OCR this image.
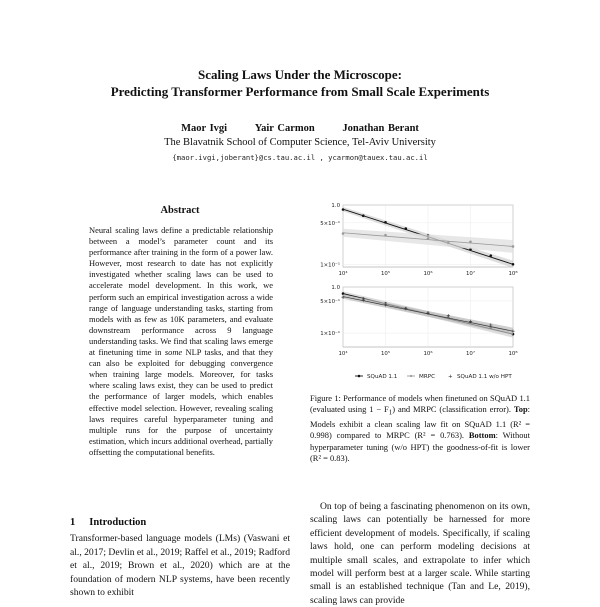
Scaling Laws Under the Microscope:
Predicting Transformer Performance from Small Scale Experiments
Maor Ivgi	Yair Carmon	Jonathan Berant
The Blavatnik School of Computer Science, Tel-Aviv University
{maor.ivgi,joberant}@cs.tau.ac.il , ycarmon@tauex.tau.ac.il
Abstract

Neural scaling laws define a predictable relationship between a model’s parameter count and its performance after training in the form of a power law. However, most research to date has not explicitly investigated whether scaling laws can be used to accelerate model development. In this work, we perform such an empirical investigation across a wide range of language understanding tasks, starting from models with as few as 10K parameters, and evaluate downstream performance across 9 language understanding tasks. We find that scaling laws emerge at finetuning time in some NLP tasks, and that they can also be exploited for debugging convergence when training large models. Moreover, for tasks where scaling laws exist, they can be used to predict the performance of larger models, which enables effective model selection. However, revealing scaling laws requires careful hyperparameter tuning and multiple runs for the purpose of uncertainty estimation, which incurs additional overhead, partially offsetting the computational benefits.

1 Introduction

Transformer-based language models (LMs) (Vaswani et al., 2017; Devlin et al., 2019; Raffel et al., 2019; Radford et al., 2019; Brown et al., 2020) which are at the foundation of modern NLP systems, have been recently shown to exhibit

1.0
5×10⁻¹
1×10⁻¹
10⁴	10⁵	10⁶	10⁷	10⁸
1.0
5×10⁻¹
1×10⁻¹
10⁴	10⁵	10⁶	10⁷	10⁸
SQuAD 1.1	MRPC + SQuAD 1.1 w/o HPT

Figure 1: Performance of models when finetuned on SQuAD 1.1 (evaluated using $1 - F_1$) and MRPC (classification error). Top: Models exhibit a clean scaling law fit on SQuAD 1.1 (R² = 0.998) compared to MRPC (R² = 0.763). Bottom: Without hyperparameter tuning (w/o HPT) the goodness-of-fit is lower (R² = 0.83).

On top of being a fascinating phenomenon on its own, scaling laws can potentially be harnessed for more efficient development of models. Specifically, if scaling laws hold, one can perform modeling decisions at multiple small scales, and extrapolate to infer which model will perform best at a larger scale. While starting small is an established technique (Tan and Le, 2019), scaling laws can provide
